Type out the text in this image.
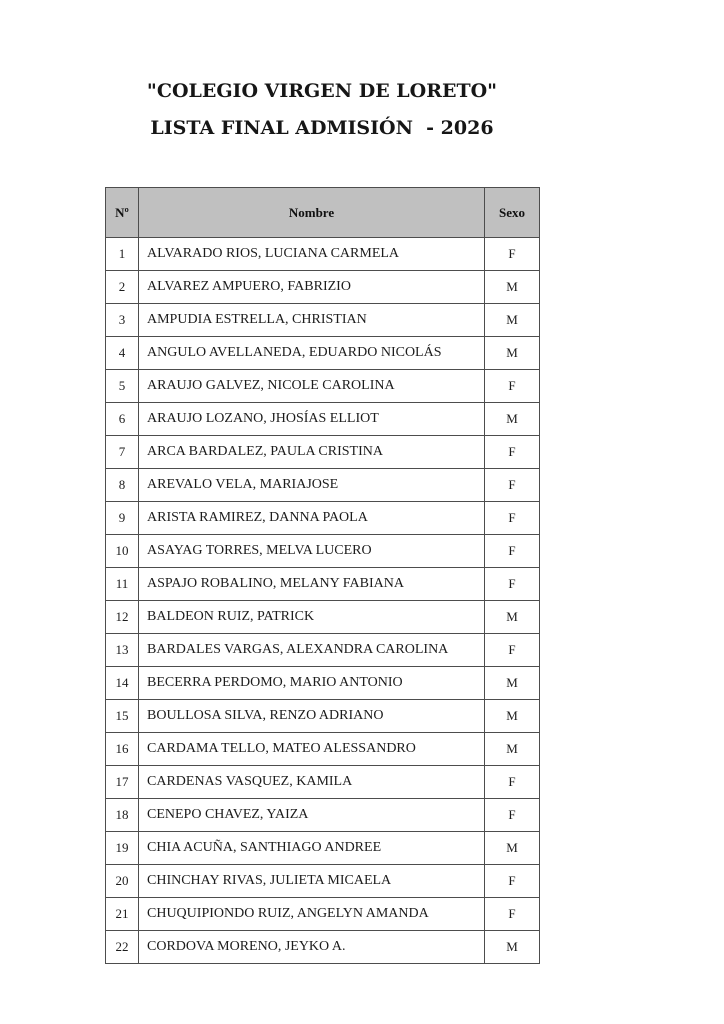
"COLEGIO VIRGEN DE LORETO"
LISTA FINAL ADMISIÓN  - 2026
Nº	Nombre	Sexo
1	ALVARADO RIOS, LUCIANA CARMELA	F
2	ALVAREZ AMPUERO, FABRIZIO	M
3	AMPUDIA ESTRELLA, CHRISTIAN	M
4	ANGULO AVELLANEDA, EDUARDO NICOLÁS	M
5	ARAUJO GALVEZ, NICOLE CAROLINA	F
6	ARAUJO LOZANO, JHOSÍAS ELLIOT	M
7	ARCA BARDALEZ, PAULA CRISTINA	F
8	AREVALO VELA, MARIAJOSE	F
9	ARISTA RAMIREZ, DANNA PAOLA	F
10	ASAYAG TORRES, MELVA LUCERO	F
11	ASPAJO ROBALINO, MELANY FABIANA	F
12	BALDEON RUIZ, PATRICK	M
13	BARDALES VARGAS, ALEXANDRA CAROLINA	F
14	BECERRA PERDOMO, MARIO ANTONIO	M
15	BOULLOSA SILVA, RENZO ADRIANO	M
16	CARDAMA TELLO, MATEO ALESSANDRO	M
17	CARDENAS VASQUEZ, KAMILA	F
18	CENEPO CHAVEZ, YAIZA	F
19	CHIA ACUÑA, SANTHIAGO ANDREE	M
20	CHINCHAY RIVAS, JULIETA MICAELA	F
21	CHUQUIPIONDO RUIZ, ANGELYN AMANDA	F
22	CORDOVA MORENO, JEYKO A.	M
